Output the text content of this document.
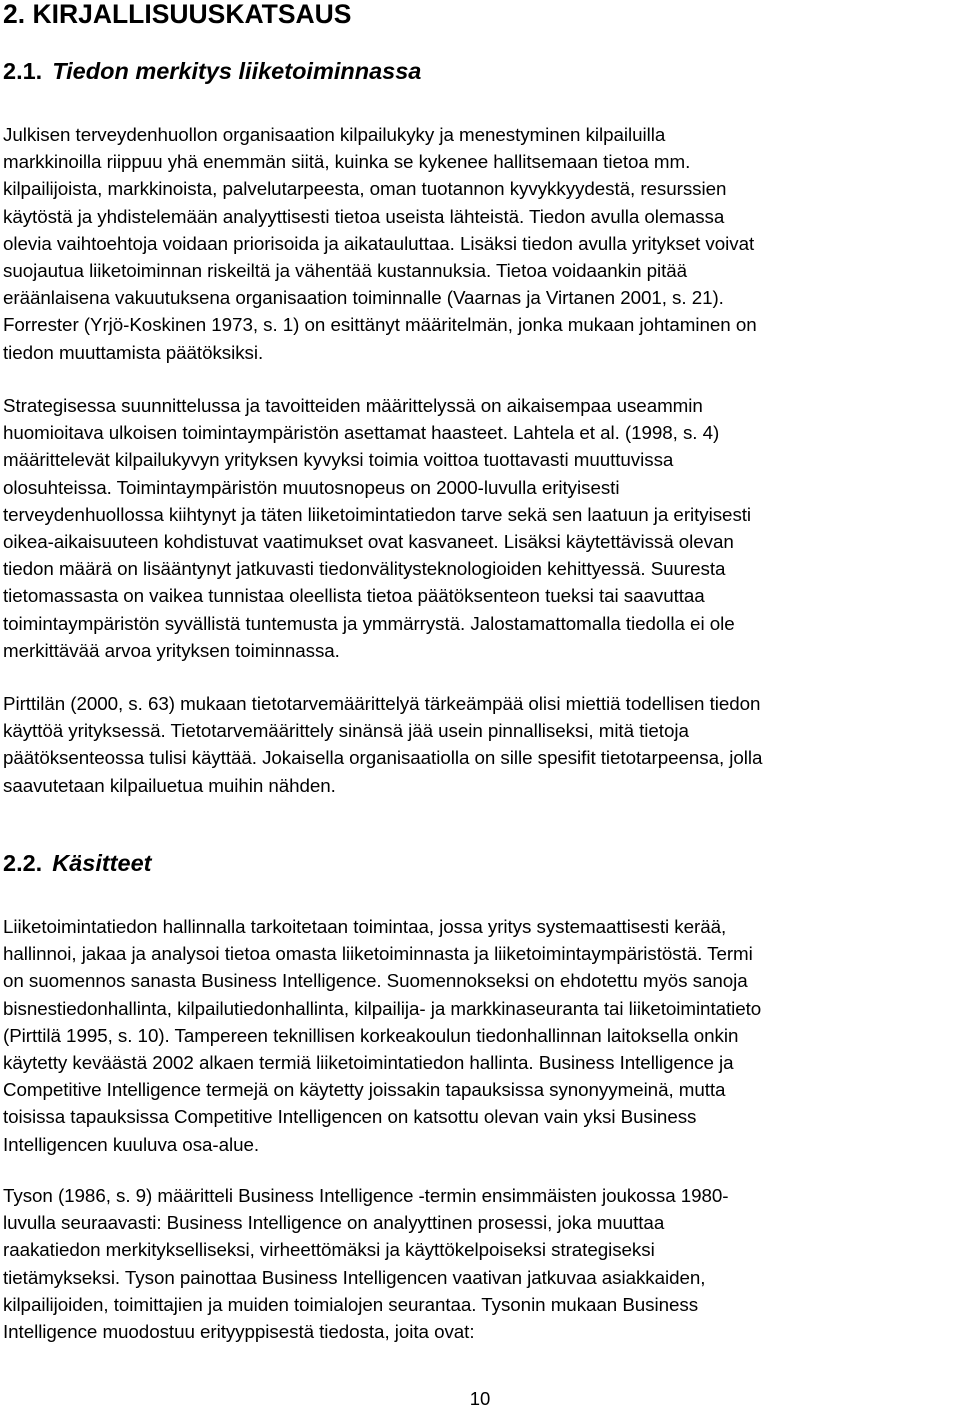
2. KIRJALLISUUSKATSAUS
2.1. Tiedon merkitys liiketoiminnassa

Julkisen terveydenhuollon organisaation kilpailukyky ja menestyminen kilpailuilla
markkinoilla riippuu yhä enemmän siitä, kuinka se kykenee hallitsemaan tietoa mm.
kilpailijoista, markkinoista, palvelutarpeesta, oman tuotannon kyvykkyydestä, resurssien
käytöstä ja yhdistelemään analyyttisesti tietoa useista lähteistä. Tiedon avulla olemassa
olevia vaihtoehtoja voidaan priorisoida ja aikatauluttaa. Lisäksi tiedon avulla yritykset voivat
suojautua liiketoiminnan riskeiltä ja vähentää kustannuksia. Tietoa voidaankin pitää
eräänlaisena vakuutuksena organisaation toiminnalle (Vaarnas ja Virtanen 2001, s. 21).
Forrester (Yrjö-Koskinen 1973, s. 1) on esittänyt määritelmän, jonka mukaan johtaminen on
tiedon muuttamista päätöksiksi.

Strategisessa suunnittelussa ja tavoitteiden määrittelyssä on aikaisempaa useammin
huomioitava ulkoisen toimintaympäristön asettamat haasteet. Lahtela et al. (1998, s. 4)
määrittelevät kilpailukyvyn yrityksen kyvyksi toimia voittoa tuottavasti muuttuvissa
olosuhteissa. Toimintaympäristön muutosnopeus on 2000-luvulla erityisesti
terveydenhuollossa kiihtynyt ja täten liiketoimintatiedon tarve sekä sen laatuun ja erityisesti
oikea-aikaisuuteen kohdistuvat vaatimukset ovat kasvaneet. Lisäksi käytettävissä olevan
tiedon määrä on lisääntynyt jatkuvasti tiedonvälitysteknologioiden kehittyessä. Suuresta
tietomassasta on vaikea tunnistaa oleellista tietoa päätöksenteon tueksi tai saavuttaa
toimintaympäristön syvällistä tuntemusta ja ymmärrystä. Jalostamattomalla tiedolla ei ole
merkittävää arvoa yrityksen toiminnassa.

Pirttilän (2000, s. 63) mukaan tietotarvemäärittelyä tärkeämpää olisi miettiä todellisen tiedon
käyttöä yrityksessä. Tietotarvemäärittely sinänsä jää usein pinnalliseksi, mitä tietoja
päätöksenteossa tulisi käyttää. Jokaisella organisaatiolla on sille spesifit tietotarpeensa, jolla
saavutetaan kilpailuetua muihin nähden.

2.2. Käsitteet

Liiketoimintatiedon hallinnalla tarkoitetaan toimintaa, jossa yritys systemaattisesti kerää,
hallinnoi, jakaa ja analysoi tietoa omasta liiketoiminnasta ja liiketoimintaympäristöstä. Termi
on suomennos sanasta Business Intelligence. Suomennokseksi on ehdotettu myös sanoja
bisnestiedonhallinta, kilpailutiedonhallinta, kilpailija- ja markkinaseuranta tai liiketoimintatieto
(Pirttilä 1995, s. 10). Tampereen teknillisen korkeakoulun tiedonhallinnan laitoksella onkin
käytetty keväästä 2002 alkaen termiä liiketoimintatiedon hallinta. Business Intelligence ja
Competitive Intelligence termejä on käytetty joissakin tapauksissa synonyymeinä, mutta
toisissa tapauksissa Competitive Intelligencen on katsottu olevan vain yksi Business
Intelligencen kuuluva osa-alue.

Tyson (1986, s. 9) määritteli Business Intelligence -termin ensimmäisten joukossa 1980-
luvulla seuraavasti: Business Intelligence on analyyttinen prosessi, joka muuttaa
raakatiedon merkitykselliseksi, virheettömäksi ja käyttökelpoiseksi strategiseksi
tietämykseksi. Tyson painottaa Business Intelligencen vaativan jatkuvaa asiakkaiden,
kilpailijoiden, toimittajien ja muiden toimialojen seurantaa. Tysonin mukaan Business
Intelligence muodostuu erityyppisestä tiedosta, joita ovat:

10
